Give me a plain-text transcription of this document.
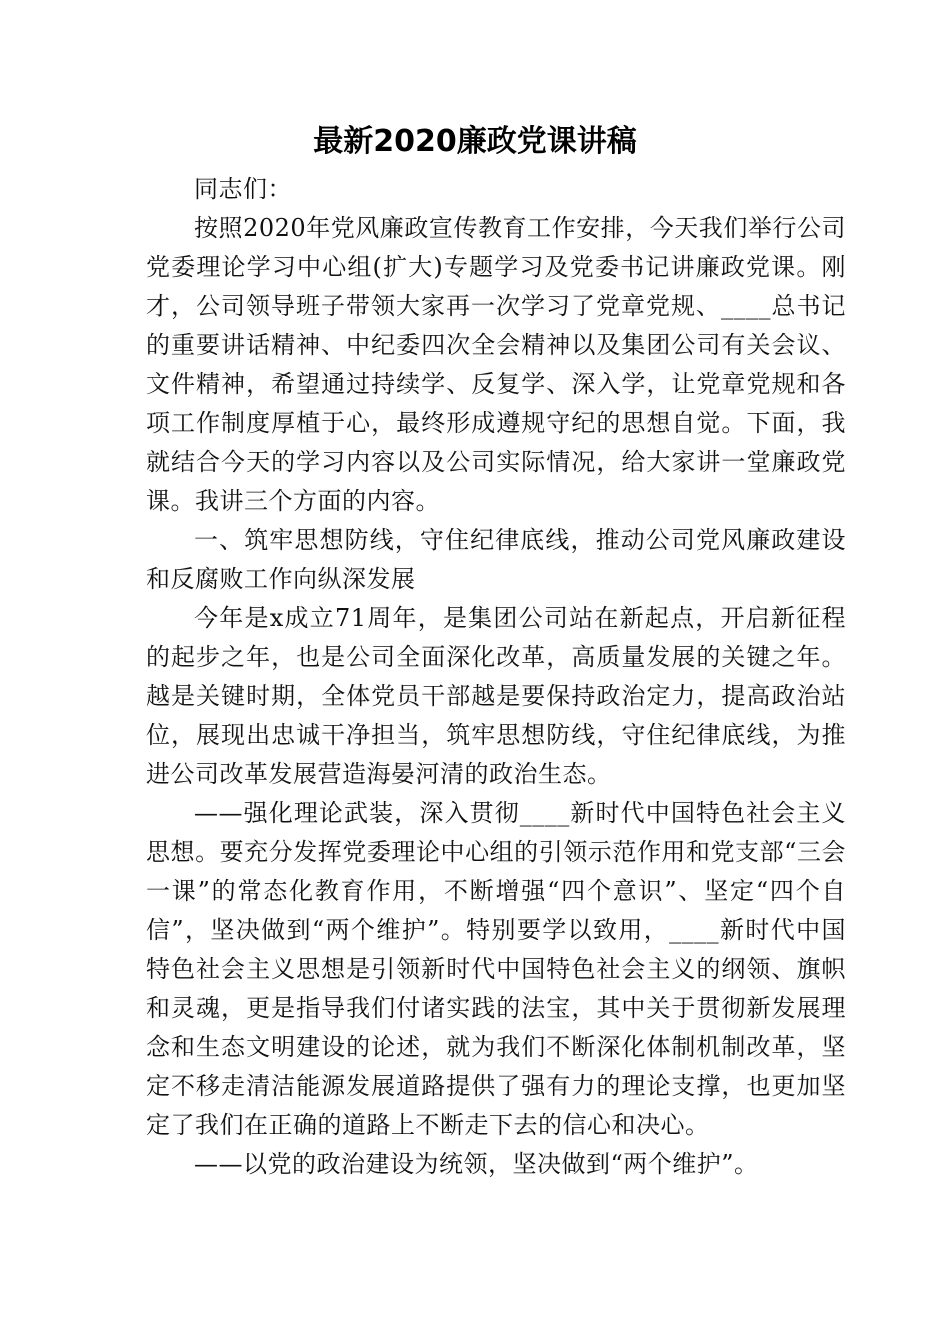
最新2020廉政党课讲稿

同志们：

按照2020年党风廉政宣传教育工作安排，今天我们举行公司党委理论学习中心组(扩大)专题学习及党委书记讲廉政党课。刚才，公司领导班子带领大家再一次学习了党章党规、____总书记的重要讲话精神、中纪委四次全会精神以及集团公司有关会议、文件精神，希望通过持续学、反复学、深入学，让党章党规和各项工作制度厚植于心，最终形成遵规守纪的思想自觉。下面，我就结合今天的学习内容以及公司实际情况，给大家讲一堂廉政党课。我讲三个方面的内容。

一、筑牢思想防线，守住纪律底线，推动公司党风廉政建设和反腐败工作向纵深发展

今年是x成立71周年，是集团公司站在新起点，开启新征程的起步之年，也是公司全面深化改革，高质量发展的关键之年。越是关键时期，全体党员干部越是要保持政治定力，提高政治站位，展现出忠诚干净担当，筑牢思想防线，守住纪律底线，为推进公司改革发展营造海晏河清的政治生态。

——强化理论武装，深入贯彻____新时代中国特色社会主义思想。要充分发挥党委理论中心组的引领示范作用和党支部“三会一课”的常态化教育作用，不断增强“四个意识”、坚定“四个自信”，坚决做到“两个维护”。特别要学以致用，____新时代中国特色社会主义思想是引领新时代中国特色社会主义的纲领、旗帜和灵魂，更是指导我们付诸实践的法宝，其中关于贯彻新发展理念和生态文明建设的论述，就为我们不断深化体制机制改革，坚定不移走清洁能源发展道路提供了强有力的理论支撑，也更加坚定了我们在正确的道路上不断走下去的信心和决心。

——以党的政治建设为统领，坚决做到“两个维护”。
